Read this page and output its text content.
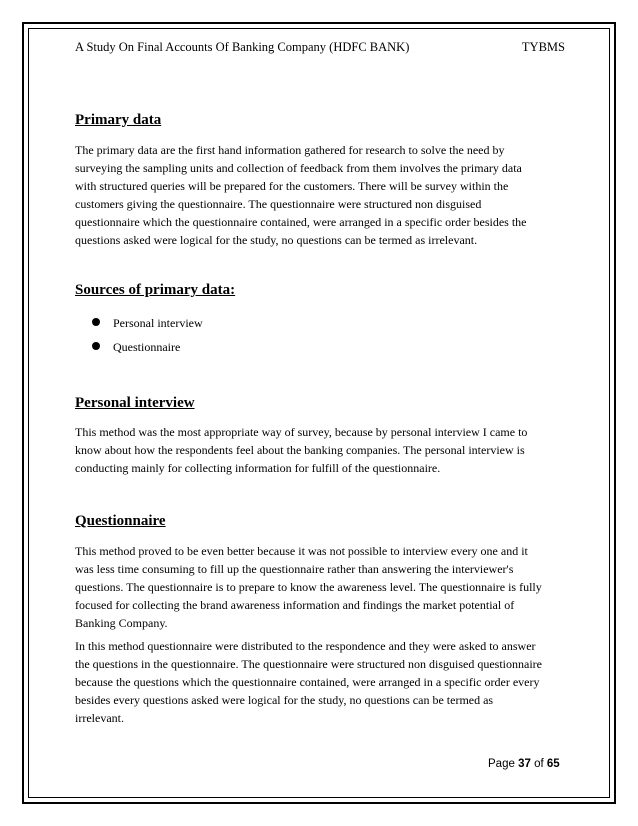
A Study On Final Accounts Of Banking Company (HDFC BANK)	TYBMS
Primary data

The primary data are the first hand information gathered for research to solve the need by
surveying the sampling units and collection of feedback from them involves the primary data
with structured queries will be prepared for the customers. There will be survey within the
customers giving the questionnaire. The questionnaire were structured non disguised
questionnaire which the questionnaire contained, were arranged in a specific order besides the
questions asked were logical for the study, no questions can be termed as irrelevant.

Sources of primary data:
Personal interview
Questionnaire
Personal interview

This method was the most appropriate way of survey, because by personal interview I came to
know about how the respondents feel about the banking companies. The personal interview is
conducting mainly for collecting information for fulfill of the questionnaire.

Questionnaire

This method proved to be even better because it was not possible to interview every one and it
was less time consuming to fill up the questionnaire rather than answering the interviewer's
questions. The questionnaire is to prepare to know the awareness level. The questionnaire is fully
focused for collecting the brand awareness information and findings the market potential of
Banking Company.

In this method questionnaire were distributed to the respondence and they were asked to answer
the questions in the questionnaire. The questionnaire were structured non disguised questionnaire
because the questions which the questionnaire contained, were arranged in a specific order every
besides every questions asked were logical for the study, no questions can be termed as
irrelevant.

Page 37 of 65
